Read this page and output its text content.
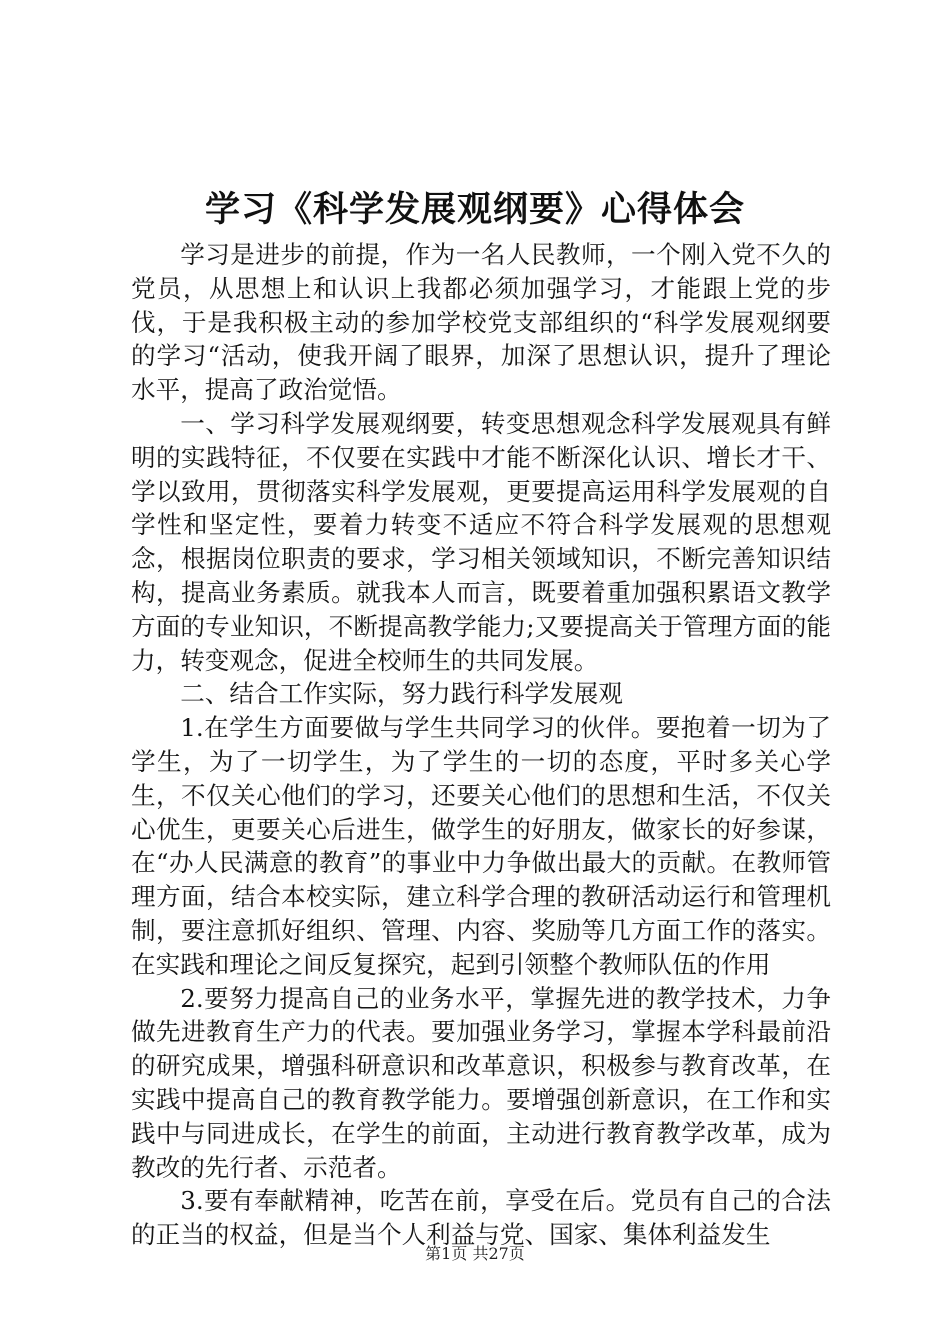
学习《科学发展观纲要》心得体会

学习是进步的前提，作为一名人民教师，一个刚入党不久的党员，从思想上和认识上我都必须加强学习，才能跟上党的步伐，于是我积极主动的参加学校党支部组织的“科学发展观纲要的学习“活动，使我开阔了眼界，加深了思想认识，提升了理论水平，提高了政治觉悟。

一、学习科学发展观纲要，转变思想观念科学发展观具有鲜明的实践特征，不仅要在实践中才能不断深化认识、增长才干、学以致用，贯彻落实科学发展观，更要提高运用科学发展观的自学性和坚定性，要着力转变不适应不符合科学发展观的思想观念，根据岗位职责的要求，学习相关领域知识，不断完善知识结构，提高业务素质。就我本人而言，既要着重加强积累语文教学方面的专业知识，不断提高教学能力;又要提高关于管理方面的能力，转变观念，促进全校师生的共同发展。

二、结合工作实际，努力践行科学发展观

1.在学生方面要做与学生共同学习的伙伴。要抱着一切为了学生，为了一切学生，为了学生的一切的态度，平时多关心学生，不仅关心他们的学习，还要关心他们的思想和生活，不仅关心优生，更要关心后进生，做学生的好朋友，做家长的好参谋，在“办人民满意的教育”的事业中力争做出最大的贡献。在教师管理方面，结合本校实际，建立科学合理的教研活动运行和管理机制，要注意抓好组织、管理、内容、奖励等几方面工作的落实。在实践和理论之间反复探究，起到引领整个教师队伍的作用

2.要努力提高自己的业务水平，掌握先进的教学技术，力争做先进教育生产力的代表。要加强业务学习，掌握本学科最前沿的研究成果，增强科研意识和改革意识，积极参与教育改革，在实践中提高自己的教育教学能力。要增强创新意识，在工作和实践中与同进成长，在学生的前面，主动进行教育教学改革，成为教改的先行者、示范者。

3.要有奉献精神，吃苦在前，享受在后。党员有自己的合法的正当的权益，但是当个人利益与党、国家、集体利益发生

第1页 共27页
